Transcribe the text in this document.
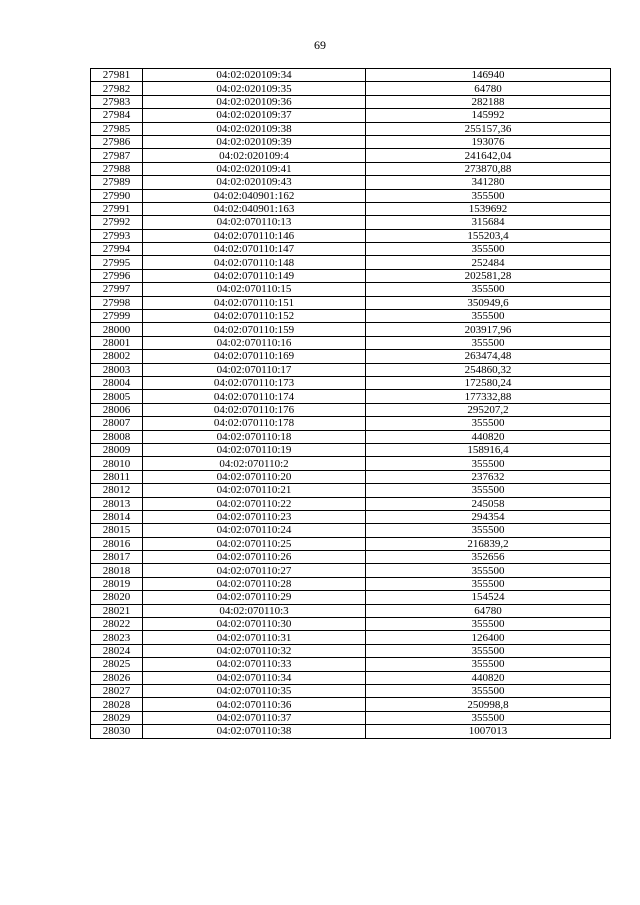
69
27981	04:02:020109:34	146940
27982	04:02:020109:35	64780
27983	04:02:020109:36	282188
27984	04:02:020109:37	145992
27985	04:02:020109:38	255157,36
27986	04:02:020109:39	193076
27987	04:02:020109:4	241642,04
27988	04:02:020109:41	273870,88
27989	04:02:020109:43	341280
27990	04:02:040901:162	355500
27991	04:02:040901:163	1539692
27992	04:02:070110:13	315684
27993	04:02:070110:146	155203,4
27994	04:02:070110:147	355500
27995	04:02:070110:148	252484
27996	04:02:070110:149	202581,28
27997	04:02:070110:15	355500
27998	04:02:070110:151	350949,6
27999	04:02:070110:152	355500
28000	04:02:070110:159	203917,96
28001	04:02:070110:16	355500
28002	04:02:070110:169	263474,48
28003	04:02:070110:17	254860,32
28004	04:02:070110:173	172580,24
28005	04:02:070110:174	177332,88
28006	04:02:070110:176	295207,2
28007	04:02:070110:178	355500
28008	04:02:070110:18	440820
28009	04:02:070110:19	158916,4
28010	04:02:070110:2	355500
28011	04:02:070110:20	237632
28012	04:02:070110:21	355500
28013	04:02:070110:22	245058
28014	04:02:070110:23	294354
28015	04:02:070110:24	355500
28016	04:02:070110:25	216839,2
28017	04:02:070110:26	352656
28018	04:02:070110:27	355500
28019	04:02:070110:28	355500
28020	04:02:070110:29	154524
28021	04:02:070110:3	64780
28022	04:02:070110:30	355500
28023	04:02:070110:31	126400
28024	04:02:070110:32	355500
28025	04:02:070110:33	355500
28026	04:02:070110:34	440820
28027	04:02:070110:35	355500
28028	04:02:070110:36	250998,8
28029	04:02:070110:37	355500
28030	04:02:070110:38	1007013
